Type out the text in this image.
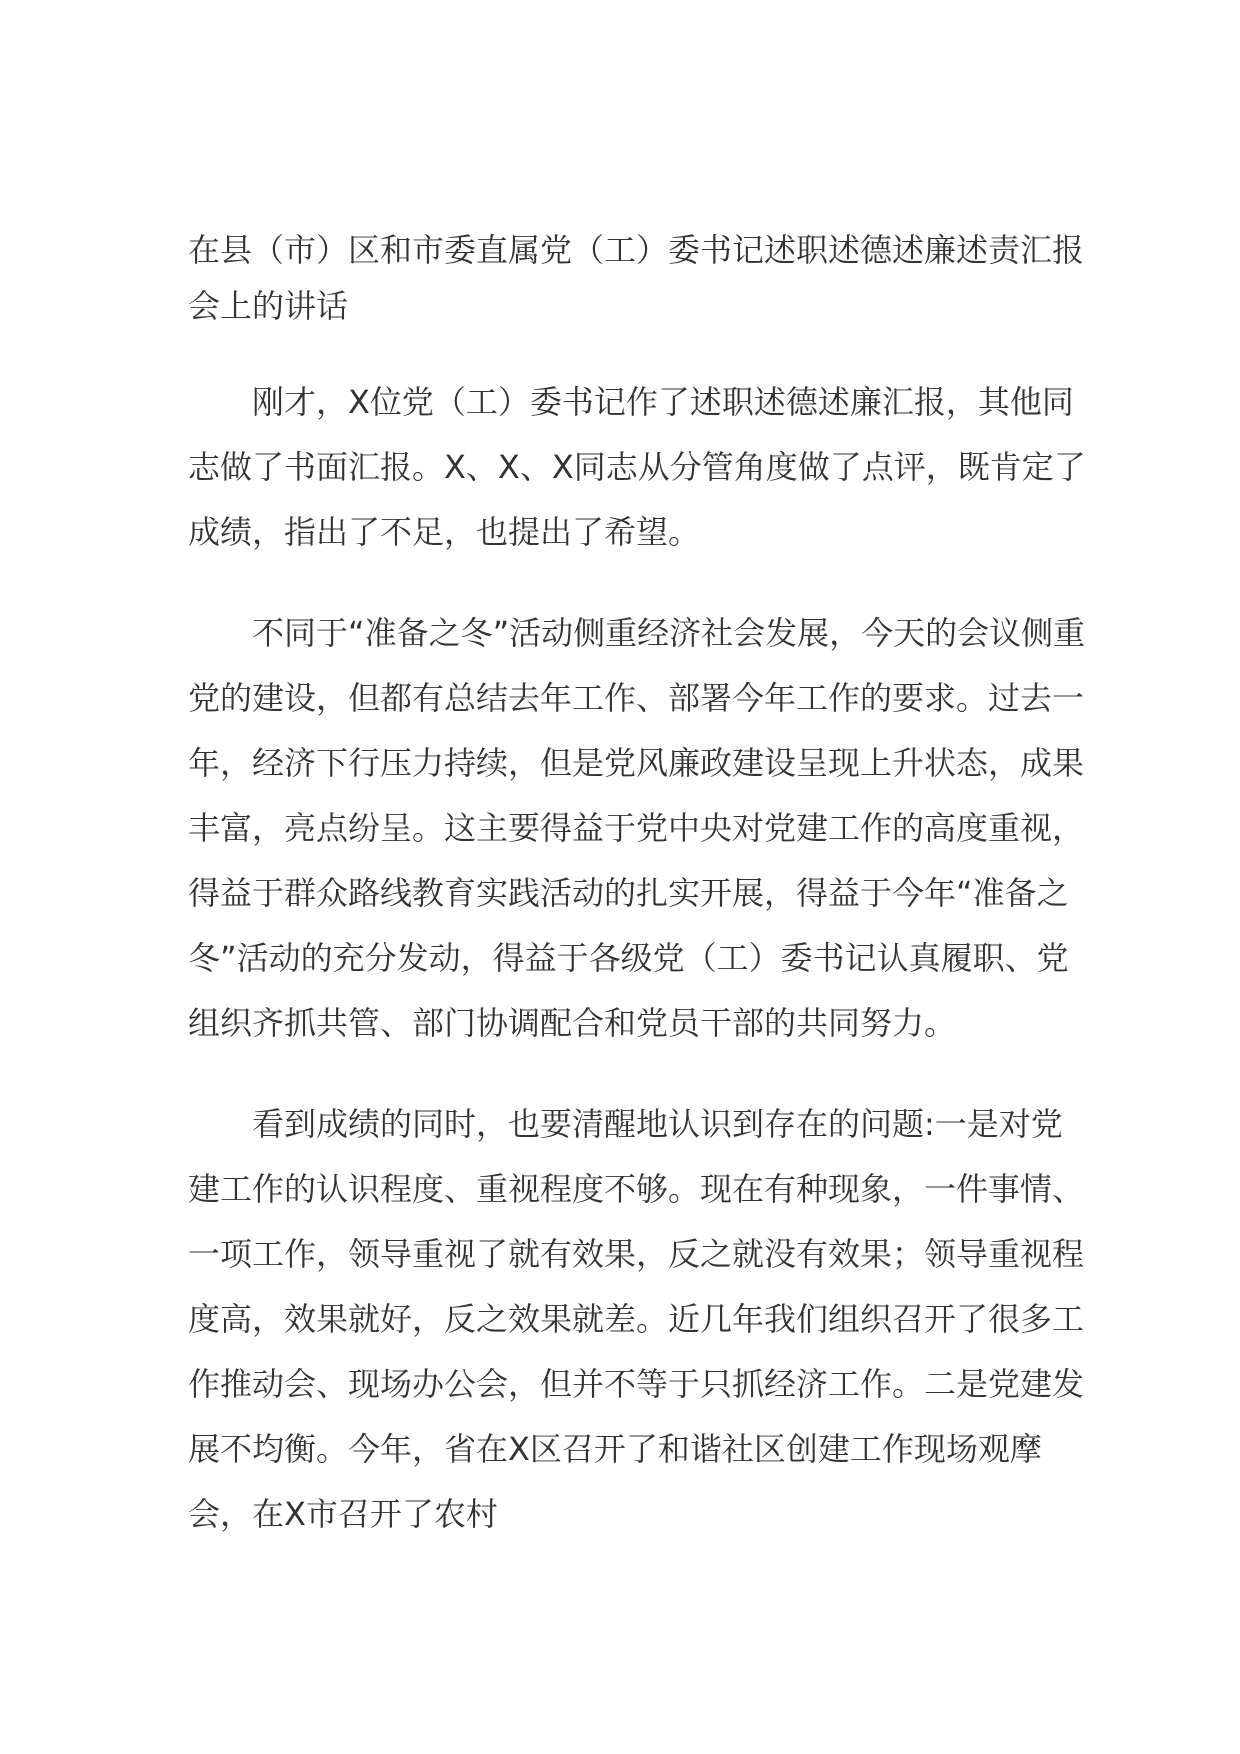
在县（市）区和市委直属党（工）委书记述职述德述廉述责汇报会上的讲话

刚才，X位党（工）委书记作了述职述德述廉汇报，其他同志做了书面汇报。X、X、X同志从分管角度做了点评，既肯定了成绩，指出了不足，也提出了希望。

不同于“准备之冬”活动侧重经济社会发展，今天的会议侧重党的建设，但都有总结去年工作、部署今年工作的要求。过去一年，经济下行压力持续，但是党风廉政建设呈现上升状态，成果丰富，亮点纷呈。这主要得益于党中央对党建工作的高度重视，得益于群众路线教育实践活动的扎实开展，得益于今年“准备之冬”活动的充分发动，得益于各级党（工）委书记认真履职、党组织齐抓共管、部门协调配合和党员干部的共同努力。

看到成绩的同时，也要清醒地认识到存在的问题:一是对党建工作的认识程度、重视程度不够。现在有种现象，一件事情、一项工作，领导重视了就有效果，反之就没有效果；领导重视程度高，效果就好，反之效果就差。近几年我们组织召开了很多工作推动会、现场办公会，但并不等于只抓经济工作。二是党建发展不均衡。今年，省在X区召开了和谐社区创建工作现场观摩会，在X市召开了农村
